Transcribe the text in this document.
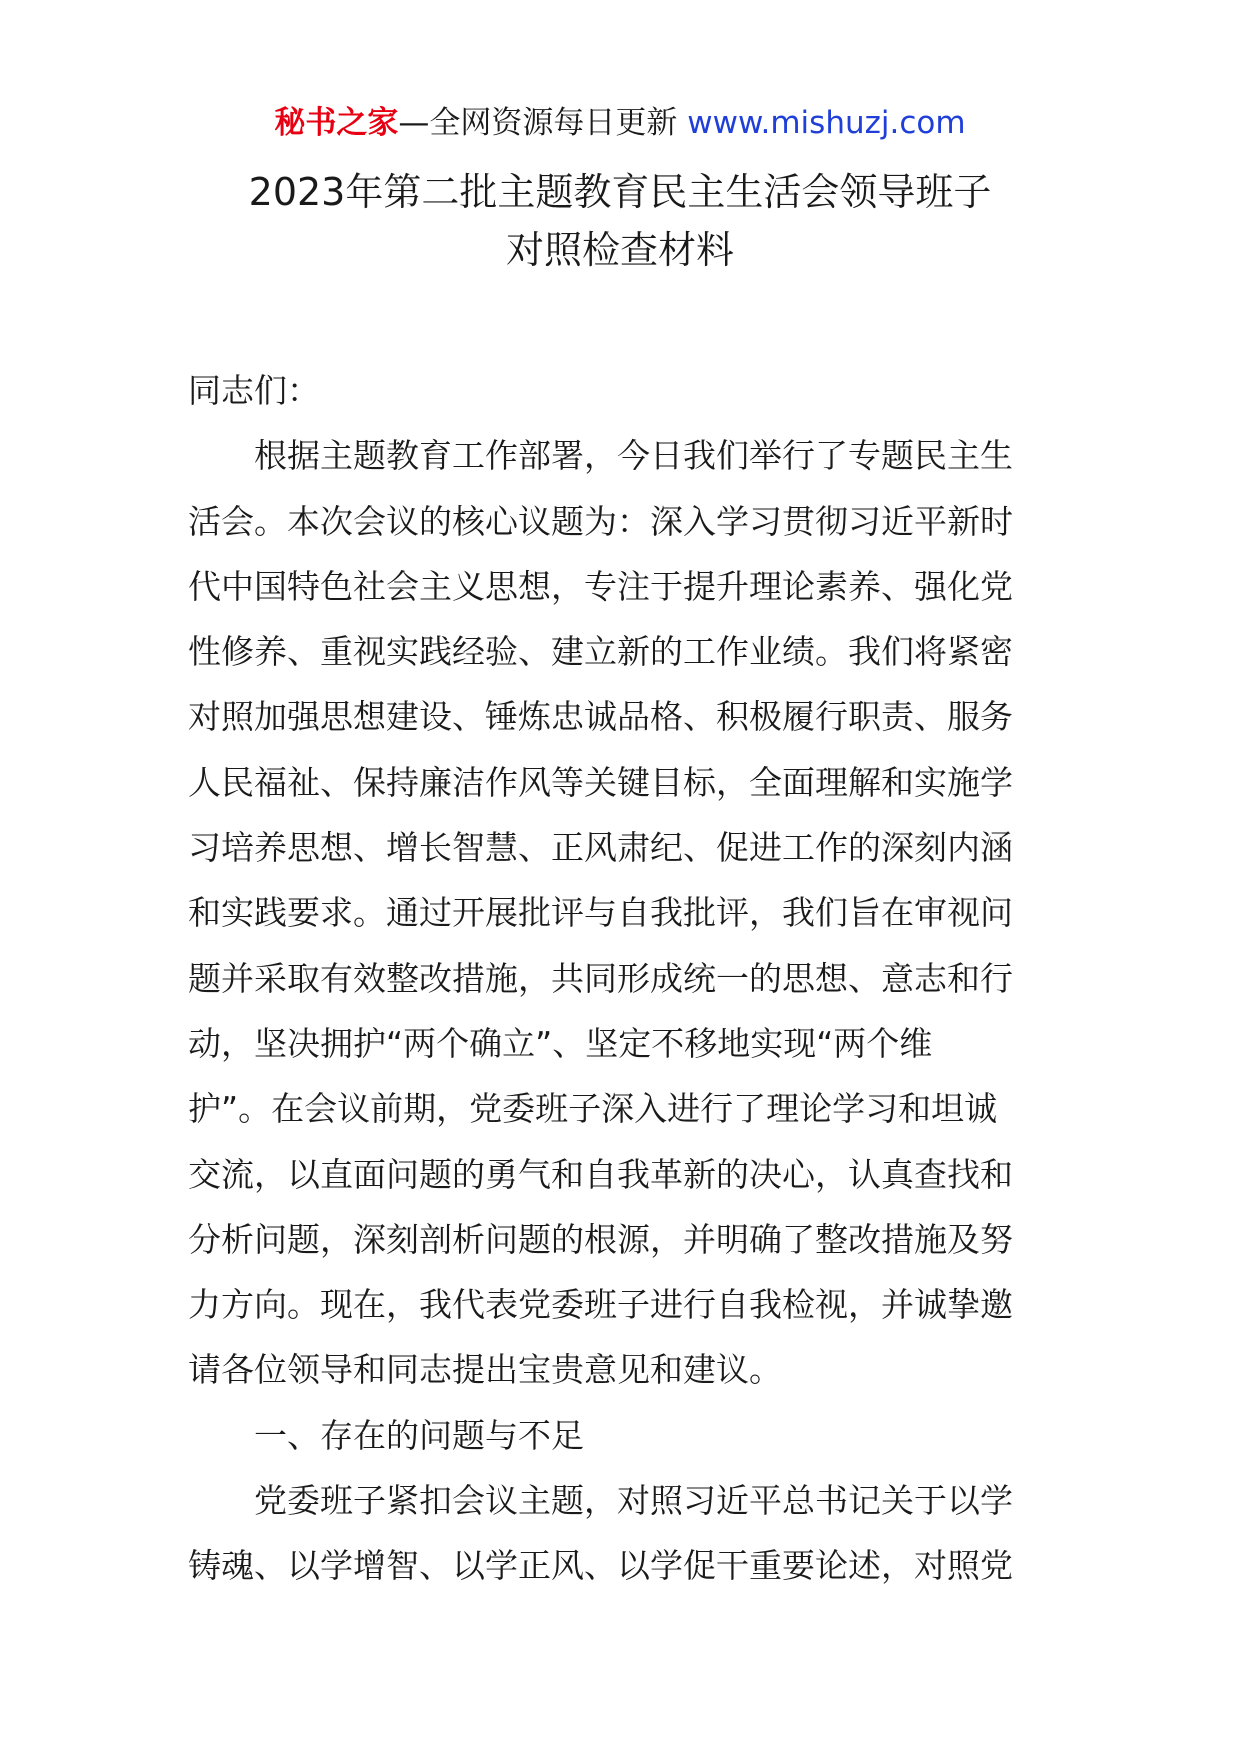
秘书之家—全网资源每日更新 www.mishuzj.com
2023年第二批主题教育民主生活会领导班子
对照检查材料
同志们：
根据主题教育工作部署，今日我们举行了专题民主生
活会。本次会议的核心议题为：深入学习贯彻习近平新时
代中国特色社会主义思想，专注于提升理论素养、强化党
性修养、重视实践经验、建立新的工作业绩。我们将紧密
对照加强思想建设、锤炼忠诚品格、积极履行职责、服务
人民福祉、保持廉洁作风等关键目标，全面理解和实施学
习培养思想、增长智慧、正风肃纪、促进工作的深刻内涵
和实践要求。通过开展批评与自我批评，我们旨在审视问
题并采取有效整改措施，共同形成统一的思想、意志和行
动，坚决拥护“两个确立”、坚定不移地实现“两个维
护”。在会议前期，党委班子深入进行了理论学习和坦诚
交流，以直面问题的勇气和自我革新的决心，认真查找和
分析问题，深刻剖析问题的根源，并明确了整改措施及努
力方向。现在，我代表党委班子进行自我检视，并诚挚邀
请各位领导和同志提出宝贵意见和建议。
一、存在的问题与不足
党委班子紧扣会议主题，对照习近平总书记关于以学
铸魂、以学增智、以学正风、以学促干重要论述，对照党
